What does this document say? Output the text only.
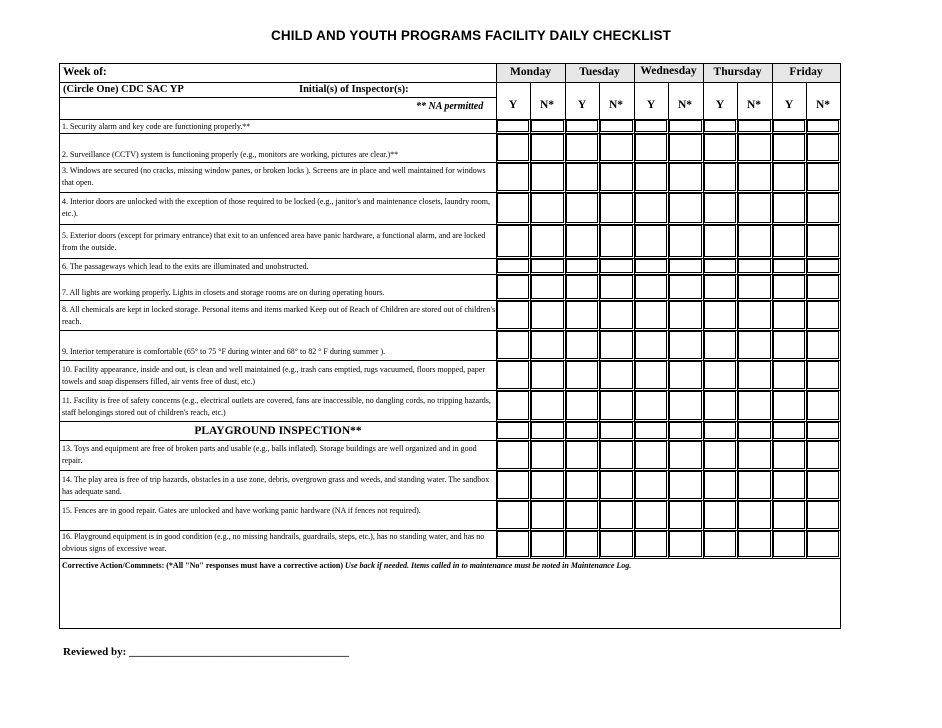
CHILD AND YOUTH PROGRAMS FACILITY DAILY CHECKLIST
Week of:
(Circle One) CDC SAC YP	Initial(s) of Inspector(s):
** NA permitted
Monday	Tuesday	Wednesday	Thursday	Friday
Y	N*	Y	N*	Y	N*	Y	N*	Y	N*
1. Security alarm and key code are functioning properly.**
2. Surveillance (CCTV) system is functioning properly (e.g., monitors are working, pictures are clear.)**
3. Windows are secured (no cracks, missing window panes, or broken locks ). Screens are in place and well maintained for windows that open.
4. Interior doors are unlocked with the exception of those required to be locked (e.g., janitor's and maintenance closets, laundry room, etc.).
5. Exterior doors (except for primary entrance) that exit to an unfenced area have panic hardware, a functional alarm, and are locked from the outside.
6. The passageways which lead to the exits are illuminated and unobstructed.
7. All lights are working properly. Lights in closets and storage rooms are on during operating hours.
8. All chemicals are kept in locked storage. Personal items and items marked Keep out of Reach of Children are stored out of children's reach.
9. Interior temperature is comfortable (65° to 75 °F during winter and 68° to 82 ° F during summer ).
10. Facility appearance, inside and out, is clean and well maintained (e.g., trash cans emptied, rugs vacuumed, floors mopped, paper towels and soap dispensers filled, air vents free of dust, etc.)
11. Facility is free of safety concerns (e.g., electrical outlets are covered, fans are inaccessible, no dangling cords, no tripping hazards, staff belongings stored out of children's reach, etc.)
PLAYGROUND INSPECTION**
13. Toys and equipment are free of broken parts and usable (e.g., balls inflated). Storage buildings are well organized and in good repair.
14. The play area is free of trip hazards, obstacles in a use zone, debris, overgrown grass and weeds, and standing water. The sandbox has adequate sand.
15. Fences are in good repair. Gates are unlocked and have working panic hardware (NA if fences not required).
16. Playground equipment is in good condition (e.g., no missing handrails, guardrails, steps, etc.), has no standing water, and has no obvious signs of excessive wear.
Corrective Action/Commnets: (*All "No" responses must have a corrective action) Use back if needed. Items called in to maintenance must be noted in Maintenance Log.
Reviewed by: ________________________________________
